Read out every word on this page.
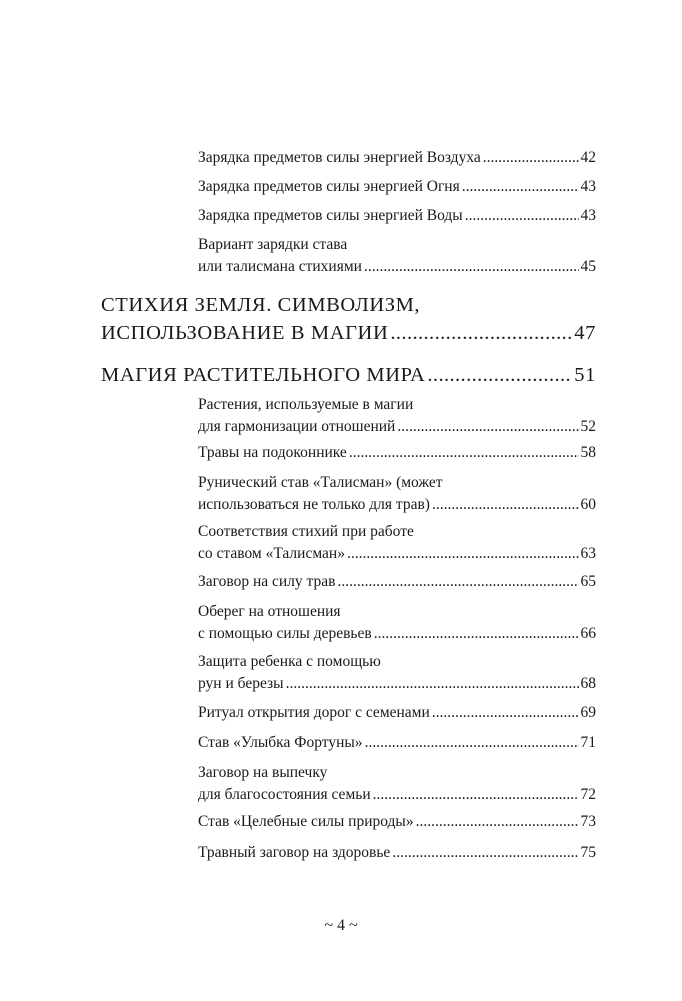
Зарядка предметов силы энергией Воздуха .....	42
Зарядка предметов силы энергией Огня .....	43
Зарядка предметов силы энергией Воды .....	43
Вариант зарядки става
или талисмана стихиями .....	45
СТИХИЯ ЗЕМЛЯ. СИМВОЛИЗМ,
ИСПОЛЬЗОВАНИЕ В МАГИИ .....	47
МАГИЯ РАСТИТЕЛЬНОГО МИРА .....	51
Растения, используемые в магии
для гармонизации отношений .....	52
Травы на подоконнике .....	58
Рунический став «Талисман» (может
использоваться не только для трав) .....	60
Соответствия стихий при работе
со ставом «Талисман» .....	63
Заговор на силу трав .....	65
Оберег на отношения
с помощью силы деревьев .....	66
Защита ребенка с помощью
рун и березы .....	68
Ритуал открытия дорог с семенами .....	69
Став «Улыбка Фортуны» .....	71
Заговор на выпечку
для благосостояния семьи .....	72
Став «Целебные силы природы» .....	73
Травный заговор на здоровье .....	75
~ 4 ~
